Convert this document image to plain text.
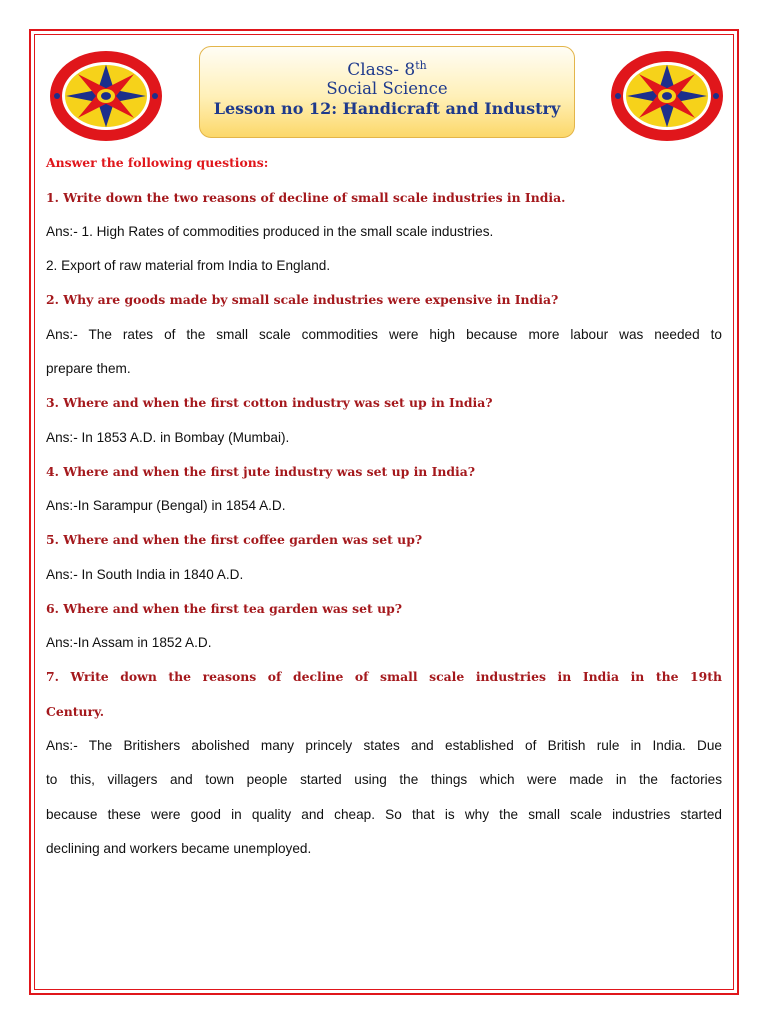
Class- 8th
Social Science
Lesson no 12: Handicraft and Industry

Answer the following questions:

1. Write down the two reasons of decline of small scale industries in India.

Ans:- 1. High Rates of commodities produced in the small scale industries.

2. Export of raw material from India to England.

2. Why are goods made by small scale industries were expensive in India?

Ans:- The rates of the small scale commodities were high because more labour was needed to

prepare them.

3. Where and when the first cotton industry was set up in India?

Ans:- In 1853 A.D. in Bombay (Mumbai).

4. Where and when the first jute industry was set up in India?

Ans:-In Sarampur (Bengal) in 1854 A.D.

5. Where and when the first coffee garden was set up?

Ans:- In South India in 1840 A.D.

6. Where and when the first tea garden was set up?

Ans:-In Assam in 1852 A.D.

7. Write down the reasons of decline of small scale industries in India in the 19th

Century.

Ans:- The Britishers abolished many princely states and established of British rule in India. Due

to this, villagers and town people started using the things which were made in the factories

because these were good in quality and cheap. So that is why the small scale industries started

declining and workers became unemployed.
